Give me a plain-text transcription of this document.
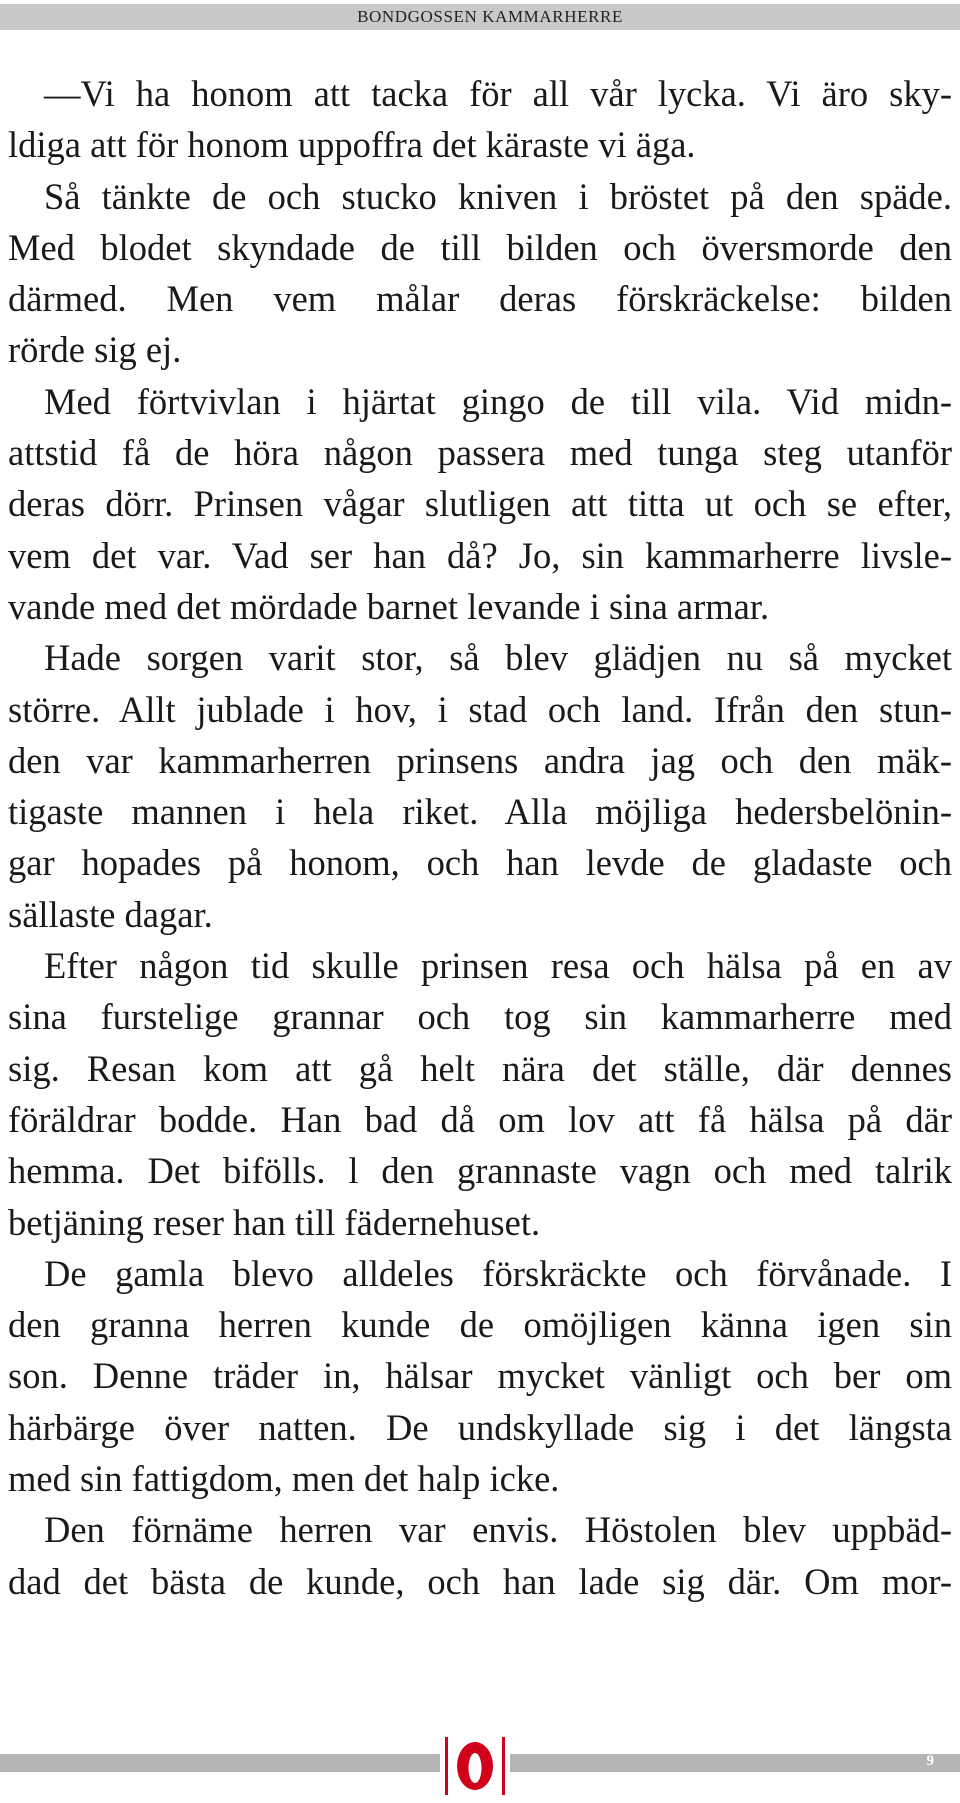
BONDGOSSEN KAMMARHERRE
—Vi ha honom att tacka för all vår lycka. Vi äro sky-
ldiga att för honom uppoffra det käraste vi äga.
Så tänkte de och stucko kniven i bröstet på den späde.
Med blodet skyndade de till bilden och översmorde den
därmed. Men vem målar deras förskräckelse: bilden
rörde sig ej.
Med förtvivlan i hjärtat gingo de till vila. Vid midn-
attstid få de höra någon passera med tunga steg utanför
deras dörr. Prinsen vågar slutligen att titta ut och se efter,
vem det var. Vad ser han då? Jo, sin kammarherre livsle-
vande med det mördade barnet levande i sina armar.
Hade sorgen varit stor, så blev glädjen nu så mycket
större. Allt jublade i hov, i stad och land. Ifrån den stun-
den var kammarherren prinsens andra jag och den mäk-
tigaste mannen i hela riket. Alla möjliga hedersbelönin-
gar hopades på honom, och han levde de gladaste och
sällaste dagar.
Efter någon tid skulle prinsen resa och hälsa på en av
sina furstelige grannar och tog sin kammarherre med
sig. Resan kom att gå helt nära det ställe, där dennes
föräldrar bodde. Han bad då om lov att få hälsa på där
hemma. Det bifölls. l den grannaste vagn och med talrik
betjäning reser han till fädernehuset.
De gamla blevo alldeles förskräckte och förvånade. I
den granna herren kunde de omöjligen känna igen sin
son. Denne träder in, hälsar mycket vänligt och ber om
härbärge över natten. De undskyllade sig i det längsta
med sin fattigdom, men det halp icke.
Den förnäme herren var envis. Höstolen blev uppbäd-
dad det bästa de kunde, och han lade sig där. Om mor-
9
